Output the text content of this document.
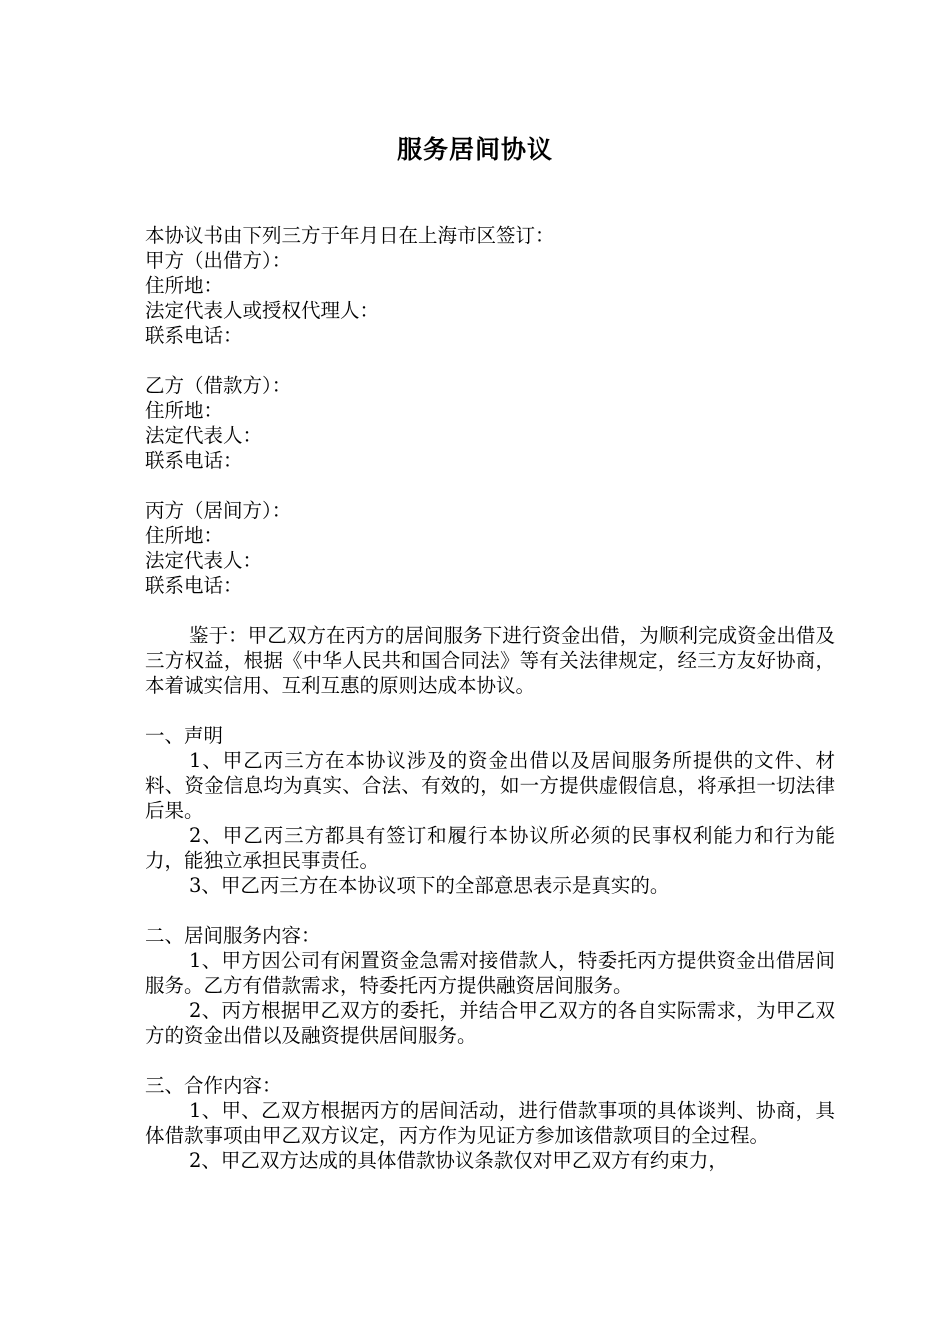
服务居间协议
本协议书由下列三方于年月日在上海市区签订：
甲方（出借方）：
住所地：
法定代表人或授权代理人：
联系电话：
乙方（借款方）：
住所地：
法定代表人：
联系电话：
丙方（居间方）：
住所地：
法定代表人：
联系电话：
鉴于：甲乙双方在丙方的居间服务下进行资金出借，为顺利完成资金出借及三方权益，根据《中华人民共和国合同法》等有关法律规定，经三方友好协商，本着诚实信用、互利互惠的原则达成本协议。
一、声明
1、甲乙丙三方在本协议涉及的资金出借以及居间服务所提供的文件、材料、资金信息均为真实、合法、有效的，如一方提供虚假信息，将承担一切法律后果。
2、甲乙丙三方都具有签订和履行本协议所必须的民事权利能力和行为能力，能独立承担民事责任。
3、甲乙丙三方在本协议项下的全部意思表示是真实的。
二、居间服务内容：
1、甲方因公司有闲置资金急需对接借款人，特委托丙方提供资金出借居间服务。乙方有借款需求，特委托丙方提供融资居间服务。
2、丙方根据甲乙双方的委托，并结合甲乙双方的各自实际需求，为甲乙双方的资金出借以及融资提供居间服务。
三、合作内容：
1、甲、乙双方根据丙方的居间活动，进行借款事项的具体谈判、协商，具体借款事项由甲乙双方议定，丙方作为见证方参加该借款项目的全过程。
2、甲乙双方达成的具体借款协议条款仅对甲乙双方有约束力，
